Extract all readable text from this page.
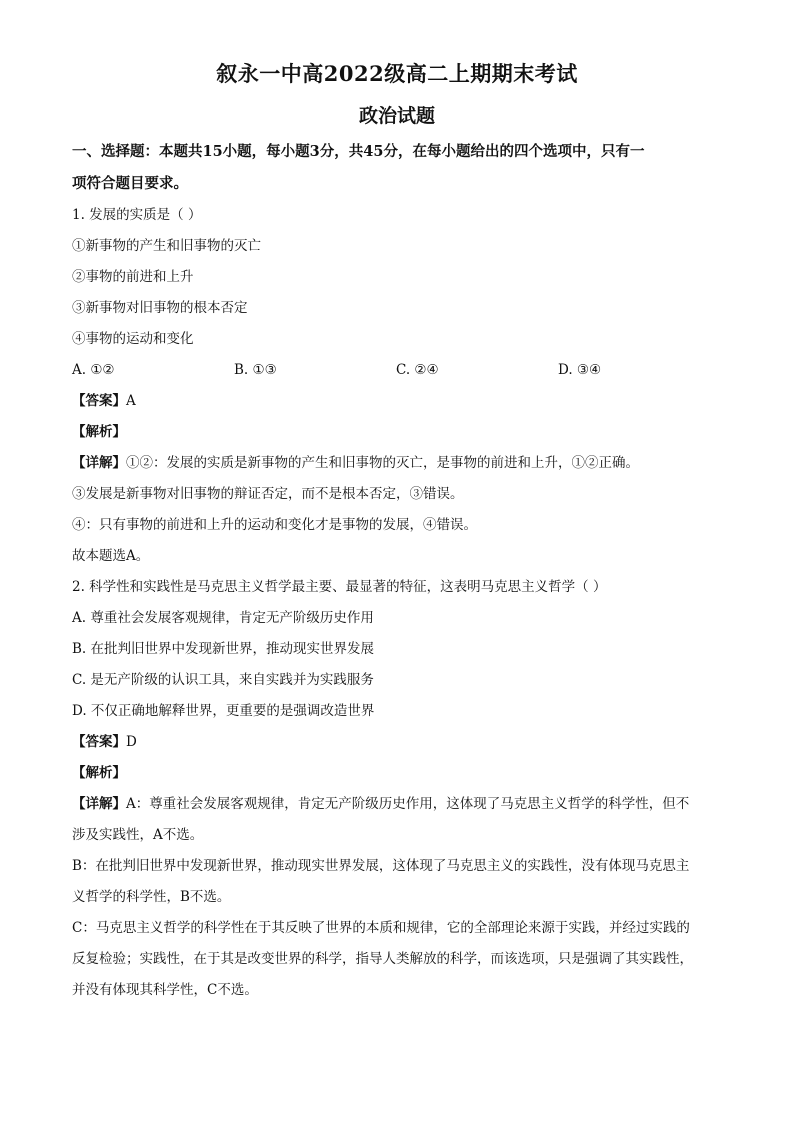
叙永一中高2022级高二上期期末考试
政治试题

一、选择题：本题共15小题，每小题3分，共45分，在每小题给出的四个选项中，只有一

项符合题目要求。

1. 发展的实质是（ ）

①新事物的产生和旧事物的灭亡

②事物的前进和上升

③新事物对旧事物的根本否定

④事物的运动和变化

A. ①②	B. ①③	C. ②④	D. ③④

【答案】A

【解析】

【详解】①②：发展的实质是新事物的产生和旧事物的灭亡，是事物的前进和上升，①②正确。

③发展是新事物对旧事物的辩证否定，而不是根本否定，③错误。

④：只有事物的前进和上升的运动和变化才是事物的发展，④错误。

故本题选A。

2. 科学性和实践性是马克思主义哲学最主要、最显著的特征，这表明马克思主义哲学（ ）

A. 尊重社会发展客观规律，肯定无产阶级历史作用

B. 在批判旧世界中发现新世界，推动现实世界发展

C. 是无产阶级的认识工具，来自实践并为实践服务

D. 不仅正确地解释世界，更重要的是强调改造世界

【答案】D

【解析】

【详解】A：尊重社会发展客观规律，肯定无产阶级历史作用，这体现了马克思主义哲学的科学性，但不

涉及实践性，A不选。

B：在批判旧世界中发现新世界，推动现实世界发展，这体现了马克思主义的实践性，没有体现马克思主

义哲学的科学性，B不选。

C：马克思主义哲学的科学性在于其反映了世界的本质和规律，它的全部理论来源于实践，并经过实践的

反复检验；实践性，在于其是改变世界的科学，指导人类解放的科学，而该选项，只是强调了其实践性，

并没有体现其科学性，C不选。
